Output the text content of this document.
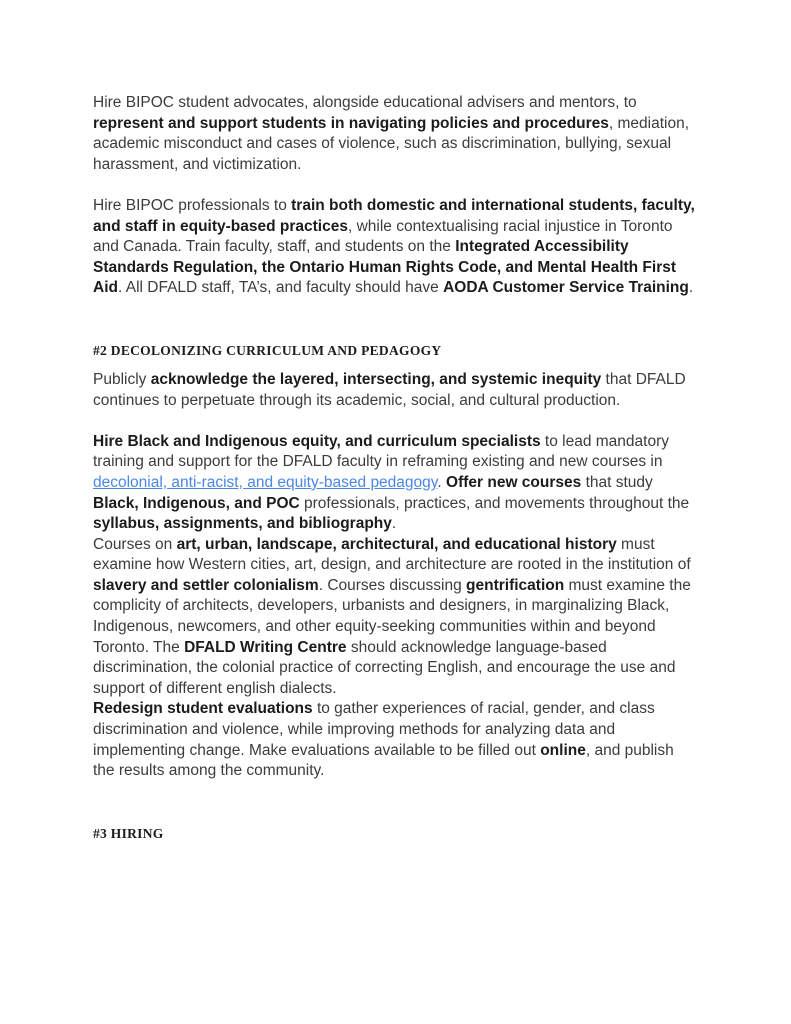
Hire BIPOC student advocates, alongside educational advisers and mentors, to represent and support students in navigating policies and procedures, mediation, academic misconduct and cases of violence, such as discrimination, bullying, sexual harassment, and victimization.

Hire BIPOC professionals to train both domestic and international students, faculty, and staff in equity-based practices, while contextualising racial injustice in Toronto and Canada. Train faculty, staff, and students on the Integrated Accessibility Standards Regulation, the Ontario Human Rights Code, and Mental Health First Aid. All DFALD staff, TA’s, and faculty should have AODA Customer Service Training.

#2 DECOLONIZING CURRICULUM AND PEDAGOGY

Publicly acknowledge the layered, intersecting, and systemic inequity that DFALD continues to perpetuate through its academic, social, and cultural production.

Hire Black and Indigenous equity, and curriculum specialists to lead mandatory training and support for the DFALD faculty in reframing existing and new courses in decolonial, anti-racist, and equity-based pedagogy. Offer new courses that study Black, Indigenous, and POC professionals, practices, and movements throughout the syllabus, assignments, and bibliography.

Courses on art, urban, landscape, architectural, and educational history must examine how Western cities, art, design, and architecture are rooted in the institution of slavery and settler colonialism. Courses discussing gentrification must examine the complicity of architects, developers, urbanists and designers, in marginalizing Black, Indigenous, newcomers, and other equity-seeking communities within and beyond Toronto. The DFALD Writing Centre should acknowledge language-based discrimination, the colonial practice of correcting English, and encourage the use and support of different english dialects.

Redesign student evaluations to gather experiences of racial, gender, and class discrimination and violence, while improving methods for analyzing data and implementing change. Make evaluations available to be filled out online, and publish the results among the community.

#3 HIRING
